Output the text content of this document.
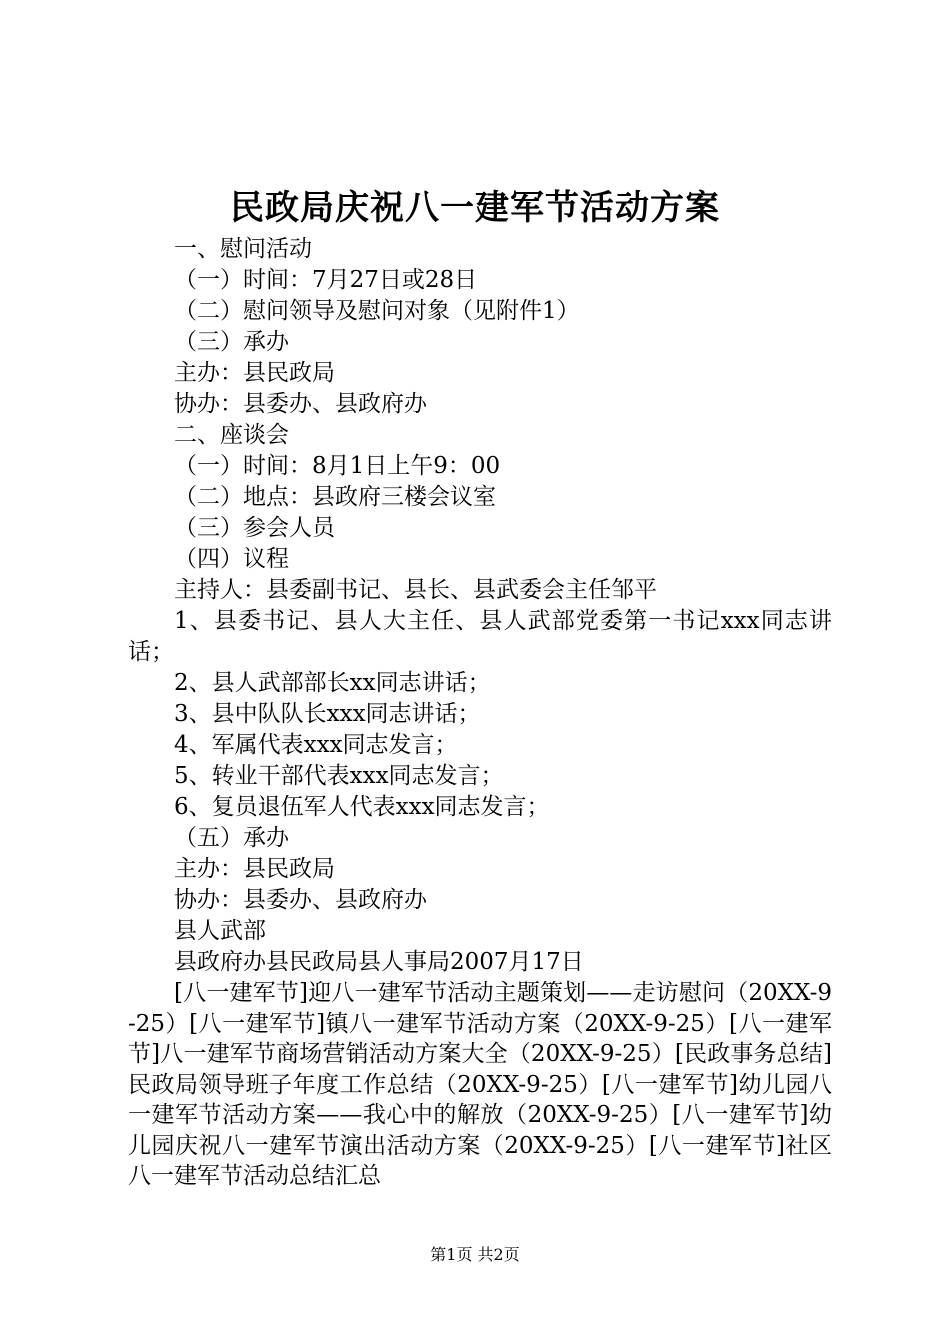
民政局庆祝八一建军节活动方案

一、慰问活动

（一）时间：7月27日或28日

（二）慰问领导及慰问对象（见附件1）

（三）承办

主办：县民政局

协办：县委办、县政府办

二、座谈会

（一）时间：8月1日上午9：00

（二）地点：县政府三楼会议室

（三）参会人员

（四）议程

主持人：县委副书记、县长、县武委会主任邹平

1、县委书记、县人大主任、县人武部党委第一书记xxx同志讲话；

2、县人武部部长xx同志讲话；

3、县中队队长xxx同志讲话；

4、军属代表xxx同志发言；

5、转业干部代表xxx同志发言；

6、复员退伍军人代表xxx同志发言；

（五）承办

主办：县民政局

协办：县委办、县政府办

县人武部

县政府办县民政局县人事局2007月17日

[八一建军节]迎八一建军节活动主题策划——走访慰问（20XX-9-25）[八一建军节]镇八一建军节活动方案（20XX-9-25）[八一建军节]八一建军节商场营销活动方案大全（20XX-9-25）[民政事务总结]民政局领导班子年度工作总结（20XX-9-25）[八一建军节]幼儿园八一建军节活动方案——我心中的解放（20XX-9-25）[八一建军节]幼儿园庆祝八一建军节演出活动方案（20XX-9-25）[八一建军节]社区八一建军节活动总结汇总

第1页 共2页
